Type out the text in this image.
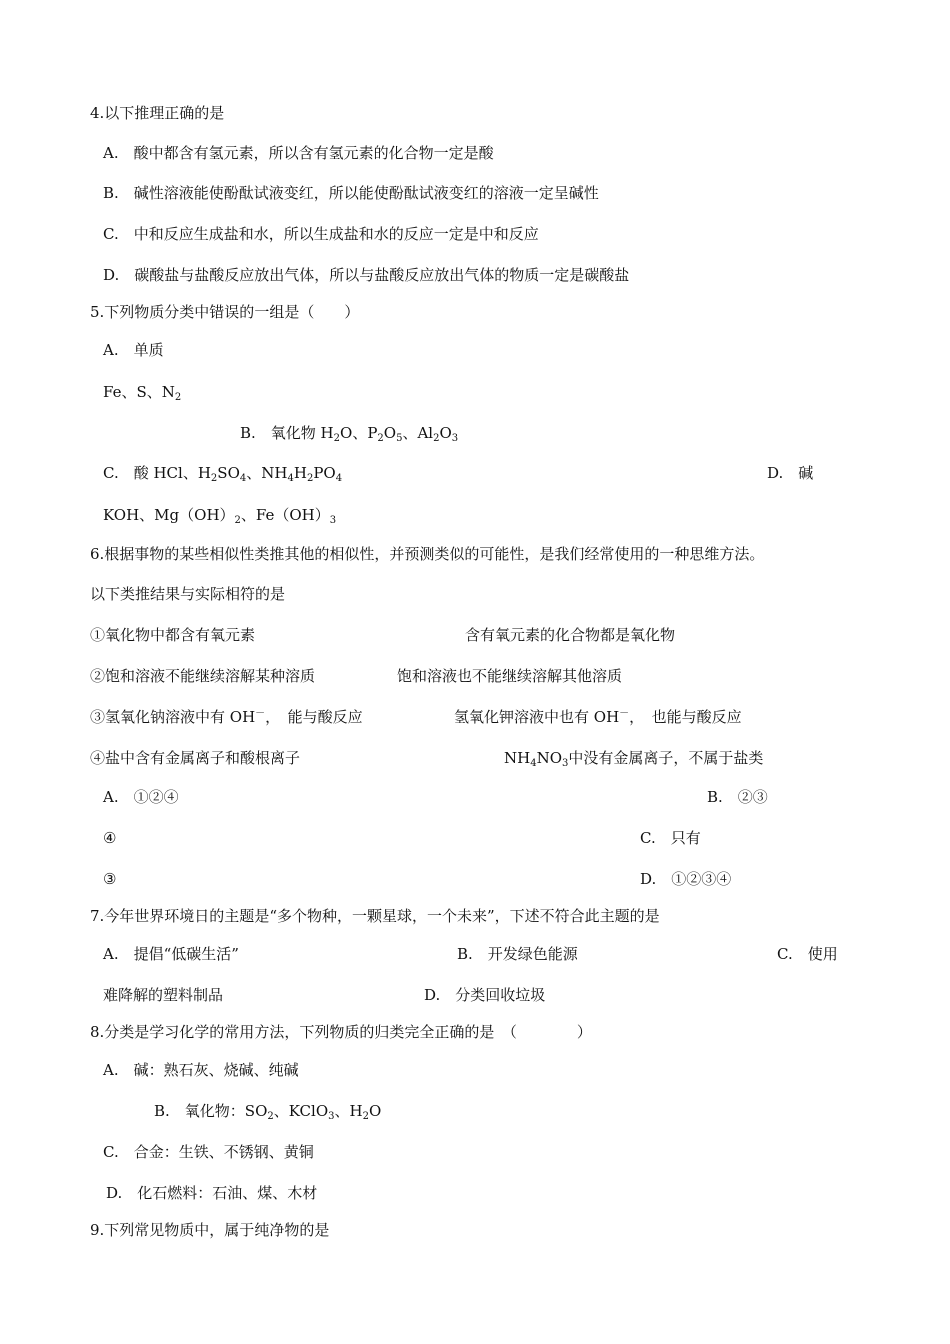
4.以下推理正确的是
A.　酸中都含有氢元素，所以含有氢元素的化合物一定是酸
B.　碱性溶液能使酚酞试液变红，所以能使酚酞试液变红的溶液一定呈碱性
C.　中和反应生成盐和水，所以生成盐和水的反应一定是中和反应
D.　碳酸盐与盐酸反应放出气体，所以与盐酸反应放出气体的物质一定是碳酸盐
5.下列物质分类中错误的一组是（　　）
A.　单质
Fe、S、$N_2$
B.　氧化物 $H_2O$、$P_2O_5$、$Al_2O_3$
C.　酸 HCl、$H_2SO_4$、$NH_4H_2PO_4$	D.　碱
KOH、$Mg(OH)_2$、$Fe(OH)_3$
6.根据事物的某些相似性类推其他的相似性，并预测类似的可能性，是我们经常使用的一种思维方法。
以下类推结果与实际相符的是
①氧化物中都含有氧元素	含有氧元素的化合物都是氧化物
②饱和溶液不能继续溶解某种溶质	饱和溶液也不能继续溶解其他溶质
③氢氧化钠溶液中有 OH－，　能与酸反应	氢氧化钾溶液中也有 OH－，　也能与酸反应
④盐中含有金属离子和酸根离子	$NH_4NO_3$中没有金属离子，不属于盐类
A.　①②④	B.　②③
④	C.　只有
③	D.　①②③④
7.今年世界环境日的主题是“多个物种，一颗星球，一个未来”，下述不符合此主题的是
A.　提倡“低碳生活”	B.　开发绿色能源	C.　使用
难降解的塑料制品	D.　分类回收垃圾
8.分类是学习化学的常用方法，下列物质的归类完全正确的是　（　　　　）
A.　碱：熟石灰、烧碱、纯碱
B.　氧化物：$SO_2$、KClO$_3$、$H_2O$
C.　合金：生铁、不锈钢、黄铜
D.　化石燃料：石油、煤、木材
9.下列常见物质中，属于纯净物的是
